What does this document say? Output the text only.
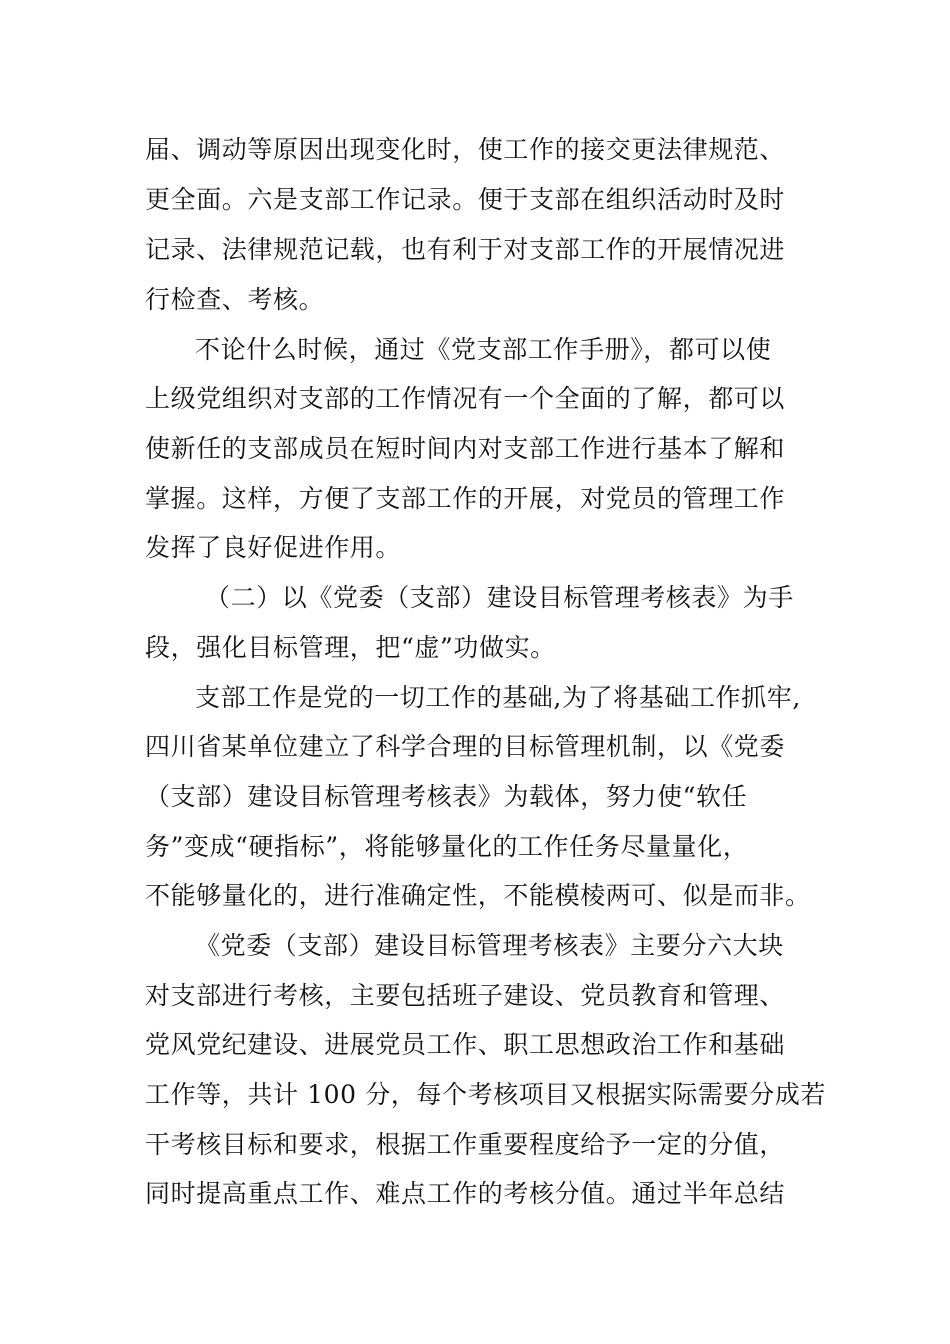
届、调动等原因出现变化时，使工作的接交更法律规范、
更全面。六是支部工作记录。便于支部在组织活动时及时
记录、法律规范记载，也有利于对支部工作的开展情况进
行检查、考核。
不论什么时候，通过《党支部工作手册》，都可以使
上级党组织对支部的工作情况有一个全面的了解，都可以
使新任的支部成员在短时间内对支部工作进行基本了解和
掌握。这样，方便了支部工作的开展，对党员的管理工作
发挥了良好促进作用。
（二）以《党委（支部）建设目标管理考核表》为手
段，强化目标管理，把“虚”功做实。
支部工作是党的一切工作的基础,为了将基础工作抓牢,
四川省某单位建立了科学合理的目标管理机制，以《党委
（支部）建设目标管理考核表》为载体，努力使“软任
务”变成“硬指标”，将能够量化的工作任务尽量量化，
不能够量化的，进行准确定性，不能模棱两可、似是而非。
《党委（支部）建设目标管理考核表》主要分六大块
对支部进行考核，主要包括班子建设、党员教育和管理、
党风党纪建设、进展党员工作、职工思想政治工作和基础
工作等，共计 100 分，每个考核项目又根据实际需要分成若
干考核目标和要求，根据工作重要程度给予一定的分值，
同时提高重点工作、难点工作的考核分值。通过半年总结
